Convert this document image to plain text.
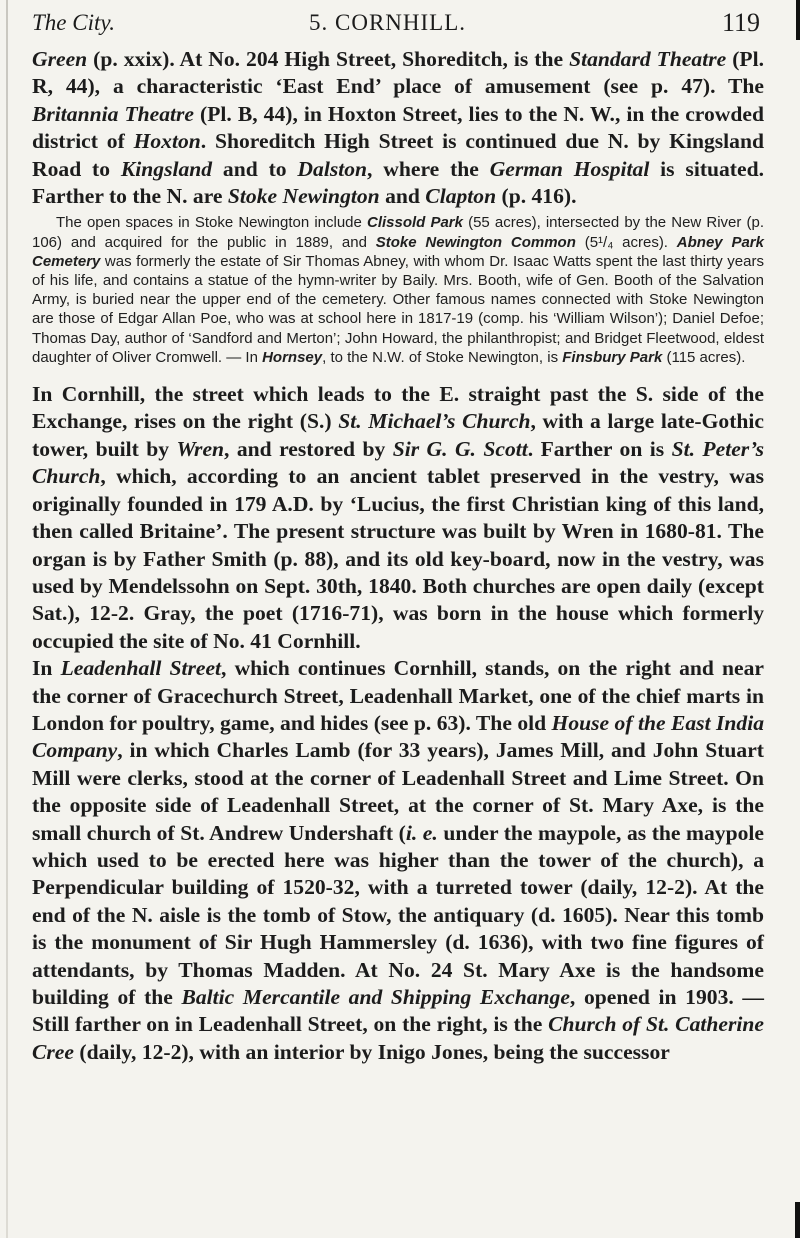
The City.	5. CORNHILL.	119

Green (p. xxix). At No. 204 High Street, Shoreditch, is the Standard Theatre (Pl. R, 44), a characteristic ‘East End’ place of amusement (see p. 47). The Britannia Theatre (Pl. B, 44), in Hoxton Street, lies to the N. W., in the crowded district of Hoxton. Shoreditch High Street is continued due N. by Kingsland Road to Kingsland and to Dalston, where the German Hospital is situated. Farther to the N. are Stoke Newington and Clapton (p. 416).

The open spaces in Stoke Newington include Clissold Park (55 acres), intersected by the New River (p. 106) and acquired for the public in 1889, and Stoke Newington Common (5¹/₄ acres). Abney Park Cemetery was formerly the estate of Sir Thomas Abney, with whom Dr. Isaac Watts spent the last thirty years of his life, and contains a statue of the hymn-writer by Baily. Mrs. Booth, wife of Gen. Booth of the Salvation Army, is buried near the upper end of the cemetery. Other famous names connected with Stoke Newington are those of Edgar Allan Poe, who was at school here in 1817-19 (comp. his ‘William Wilson’); Daniel Defoe; Thomas Day, author of ‘Sandford and Merton’; John Howard, the philanthropist; and Bridget Fleetwood, eldest daughter of Oliver Cromwell. — In Hornsey, to the N.W. of Stoke Newington, is Finsbury Park (115 acres).

In Cornhill, the street which leads to the E. straight past the S. side of the Exchange, rises on the right (S.) St. Michael’s Church, with a large late-Gothic tower, built by Wren, and restored by Sir G. G. Scott. Farther on is St. Peter’s Church, which, according to an ancient tablet preserved in the vestry, was originally founded in 179 A.D. by ‘Lucius, the first Christian king of this land, then called Britaine’. The present structure was built by Wren in 1680-81. The organ is by Father Smith (p. 88), and its old key-board, now in the vestry, was used by Mendelssohn on Sept. 30th, 1840. Both churches are open daily (except Sat.), 12-2. Gray, the poet (1716-71), was born in the house which formerly occupied the site of No. 41 Cornhill.

In Leadenhall Street, which continues Cornhill, stands, on the right and near the corner of Gracechurch Street, Leadenhall Market, one of the chief marts in London for poultry, game, and hides (see p. 63). The old House of the East India Company, in which Charles Lamb (for 33 years), James Mill, and John Stuart Mill were clerks, stood at the corner of Leadenhall Street and Lime Street. On the opposite side of Leadenhall Street, at the corner of St. Mary Axe, is the small church of St. Andrew Undershaft (i. e. under the maypole, as the maypole which used to be erected here was higher than the tower of the church), a Perpendicular building of 1520-32, with a turreted tower (daily, 12-2). At the end of the N. aisle is the tomb of Stow, the antiquary (d. 1605). Near this tomb is the monument of Sir Hugh Hammersley (d. 1636), with two fine figures of attendants, by Thomas Madden. At No. 24 St. Mary Axe is the handsome building of the Baltic Mercantile and Shipping Exchange, opened in 1903. — Still farther on in Leadenhall Street, on the right, is the Church of St. Catherine Cree (daily, 12-2), with an interior by Inigo Jones, being the successor
